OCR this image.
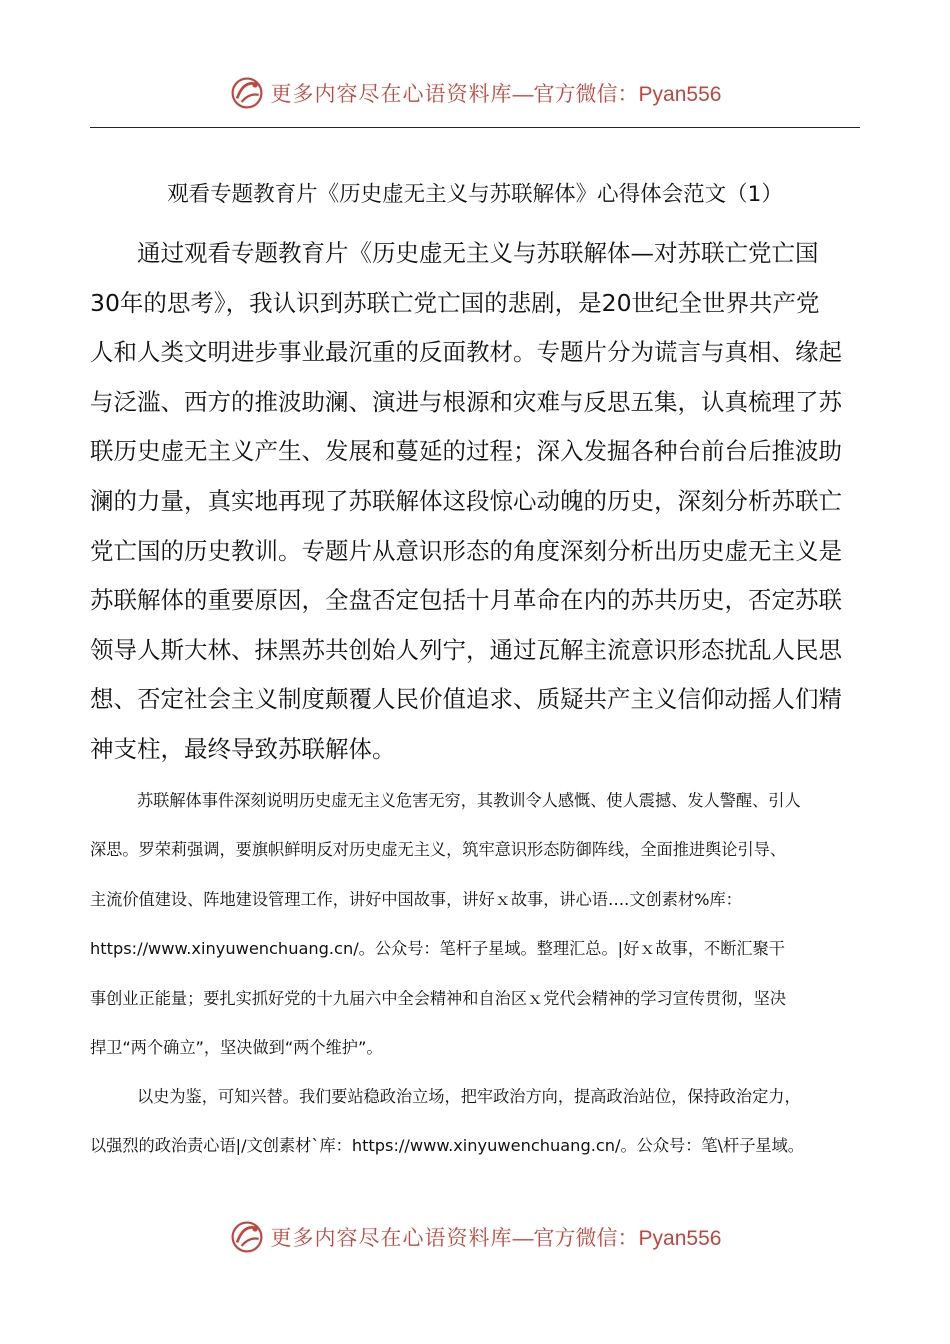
更多内容尽在心语资料库—官方微信：Pyan556
观看专题教育片《历史虚无主义与苏联解体》心得体会范文（1）
通过观看专题教育片《历史虚无主义与苏联解体—对苏联亡党亡国
30年的思考》，我认识到苏联亡党亡国的悲剧，是20世纪全世界共产党
人和人类文明进步事业最沉重的反面教材。专题片分为谎言与真相、缘起
与泛滥、西方的推波助澜、演进与根源和灾难与反思五集，认真梳理了苏
联历史虚无主义产生、发展和蔓延的过程；深入发掘各种台前台后推波助
澜的力量，真实地再现了苏联解体这段惊心动魄的历史，深刻分析苏联亡
党亡国的历史教训。专题片从意识形态的角度深刻分析出历史虚无主义是
苏联解体的重要原因，全盘否定包括十月革命在内的苏共历史，否定苏联
领导人斯大林、抹黑苏共创始人列宁，通过瓦解主流意识形态扰乱人民思
想、否定社会主义制度颠覆人民价值追求、质疑共产主义信仰动摇人们精
神支柱，最终导致苏联解体。
苏联解体事件深刻说明历史虚无主义危害无穷，其教训令人感慨、使人震撼、发人警醒、引人
深思。罗荣莉强调，要旗帜鲜明反对历史虚无主义，筑牢意识形态防御阵线，全面推进舆论引导、
主流价值建设、阵地建设管理工作，讲好中国故事，讲好ｘ故事，讲心语….文创素材%库：
https://www.xinyuwenchuang.cn/。公众号：笔杆子星域。整理汇总。|好ｘ故事，不断汇聚干
事创业正能量；要扎实抓好党的十九届六中全会精神和自治区ｘ党代会精神的学习宣传贯彻，坚决
捍卫“两个确立”，坚决做到“两个维护”。
以史为鉴，可知兴替。我们要站稳政治立场，把牢政治方向，提高政治站位，保持政治定力，
以强烈的政治责心语|/文创素材`库：https://www.xinyuwenchuang.cn/。公众号：笔\杆子星域。
更多内容尽在心语资料库—官方微信：Pyan556
